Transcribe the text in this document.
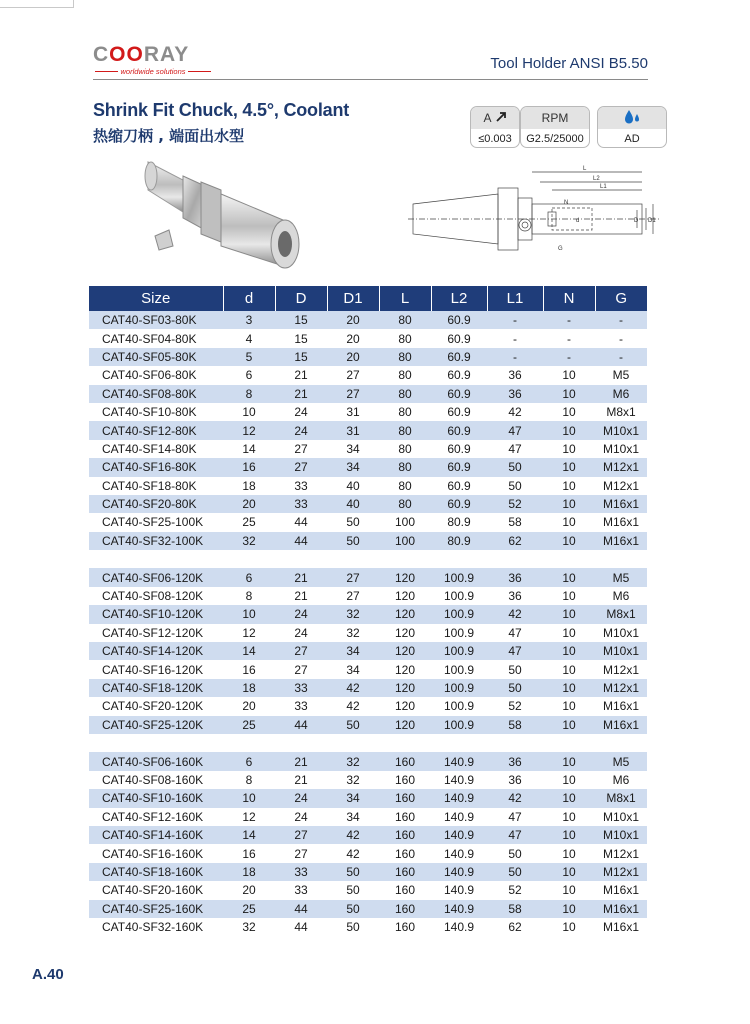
COORAY
worldwide solutions	Tool Holder ANSI B5.50
Shrink Fit Chuck, 4.5°, Coolant
热缩刀柄 , 端面出水型
A
≤0.003
RPM
G2.5/25000	AD
L
L2
L1
N
d	D D1
G
Size	d	D	D1	L	L2	L1	N	G
CAT40-SF03-80K	3	15	20	80	60.9	-	-	-
CAT40-SF04-80K	4	15	20	80	60.9	-	-	-
CAT40-SF05-80K	5	15	20	80	60.9	-	-	-
CAT40-SF06-80K	6	21	27	80	60.9	36	10	M5
CAT40-SF08-80K	8	21	27	80	60.9	36	10	M6
CAT40-SF10-80K	10	24	31	80	60.9	42	10	M8x1
CAT40-SF12-80K	12	24	31	80	60.9	47	10	M10x1
CAT40-SF14-80K	14	27	34	80	60.9	47	10	M10x1
CAT40-SF16-80K	16	27	34	80	60.9	50	10	M12x1
CAT40-SF18-80K	18	33	40	80	60.9	50	10	M12x1
CAT40-SF20-80K	20	33	40	80	60.9	52	10	M16x1
CAT40-SF25-100K	25	44	50	100	80.9	58	10	M16x1
CAT40-SF32-100K	32	44	50	100	80.9	62	10	M16x1

CAT40-SF06-120K	6	21	27	120	100.9	36	10	M5
CAT40-SF08-120K	8	21	27	120	100.9	36	10	M6
CAT40-SF10-120K	10	24	32	120	100.9	42	10	M8x1
CAT40-SF12-120K	12	24	32	120	100.9	47	10	M10x1
CAT40-SF14-120K	14	27	34	120	100.9	47	10	M10x1
CAT40-SF16-120K	16	27	34	120	100.9	50	10	M12x1
CAT40-SF18-120K	18	33	42	120	100.9	50	10	M12x1
CAT40-SF20-120K	20	33	42	120	100.9	52	10	M16x1
CAT40-SF25-120K	25	44	50	120	100.9	58	10	M16x1

CAT40-SF06-160K	6	21	32	160	140.9	36	10	M5
CAT40-SF08-160K	8	21	32	160	140.9	36	10	M6
CAT40-SF10-160K	10	24	34	160	140.9	42	10	M8x1
CAT40-SF12-160K	12	24	34	160	140.9	47	10	M10x1
CAT40-SF14-160K	14	27	42	160	140.9	47	10	M10x1
CAT40-SF16-160K	16	27	42	160	140.9	50	10	M12x1
CAT40-SF18-160K	18	33	50	160	140.9	50	10	M12x1
CAT40-SF20-160K	20	33	50	160	140.9	52	10	M16x1
CAT40-SF25-160K	25	44	50	160	140.9	58	10	M16x1
CAT40-SF32-160K	32	44	50	160	140.9	62	10	M16x1
A.40
